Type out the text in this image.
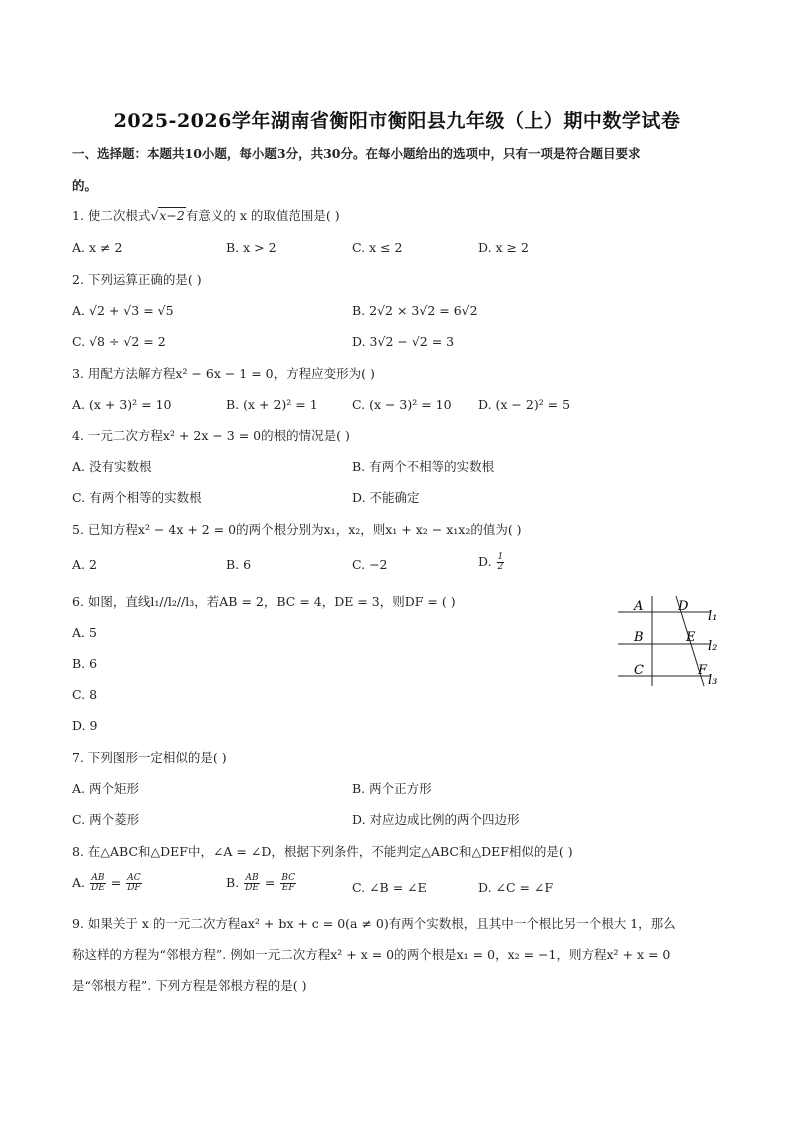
2025-2026学年湖南省衡阳市衡阳县九年级（上）期中数学试卷
一、选择题：本题共10小题，每小题3分，共30分。在每小题给出的选项中，只有一项是符合题目要求
的。
1. 使二次根式√x−2有意义的 x 的取值范围是( )
A. x ≠ 2	B. x > 2	C. x ≤ 2	D. x ≥ 2
2. 下列运算正确的是( )
A. √2 + √3 = √5	B. 2√2 × 3√2 = 6√2
C. √8 ÷ √2 = 2	D. 3√2 − √2 = 3
3. 用配方法解方程x² − 6x − 1 = 0，方程应变形为( )
A. (x + 3)² = 10	B. (x + 2)² = 1	C. (x − 3)² = 10 D. (x − 2)² = 5
4. 一元二次方程x² + 2x − 3 = 0的根的情况是( )
A. 没有实数根	B. 有两个不相等的实数根
C. 有两个相等的实数根	D. 不能确定
5. 已知方程x² − 4x + 2 = 0的两个根分别为x₁，x₂，则x₁ + x₂ − x₁x₂的值为( )
A. 2	B. 6	C. −2	D. $\frac{1}{2}$
6. 如图，直线l₁//l₂//l₃，若AB = 2，BC = 4，DE = 3，则DF = ( )
A. 5
B. 6
C. 8
D. 9
A
B
C
D
E
F
l₁
l₂
l₃
7. 下列图形一定相似的是( )
A. 两个矩形	B. 两个正方形
C. 两个菱形	D. 对应边成比例的两个四边形
8. 在△ABC和△DEF中，∠A = ∠D，根据下列条件，不能判定△ABC和△DEF相似的是( )
A. $\frac{AB}{DE} = \frac{AC}{DF}$	B. $\frac{AB}{DE} = \frac{BC}{EF}$	C. ∠B = ∠E	D. ∠C = ∠F
9. 如果关于 x 的一元二次方程ax² + bx + c = 0(a ≠ 0)有两个实数根，且其中一个根比另一个根大 1，那么
称这样的方程为“邻根方程”. 例如一元二次方程x² + x = 0的两个根是x₁ = 0，x₂ = −1，则方程x² + x = 0
是“邻根方程”. 下列方程是邻根方程的是( )
